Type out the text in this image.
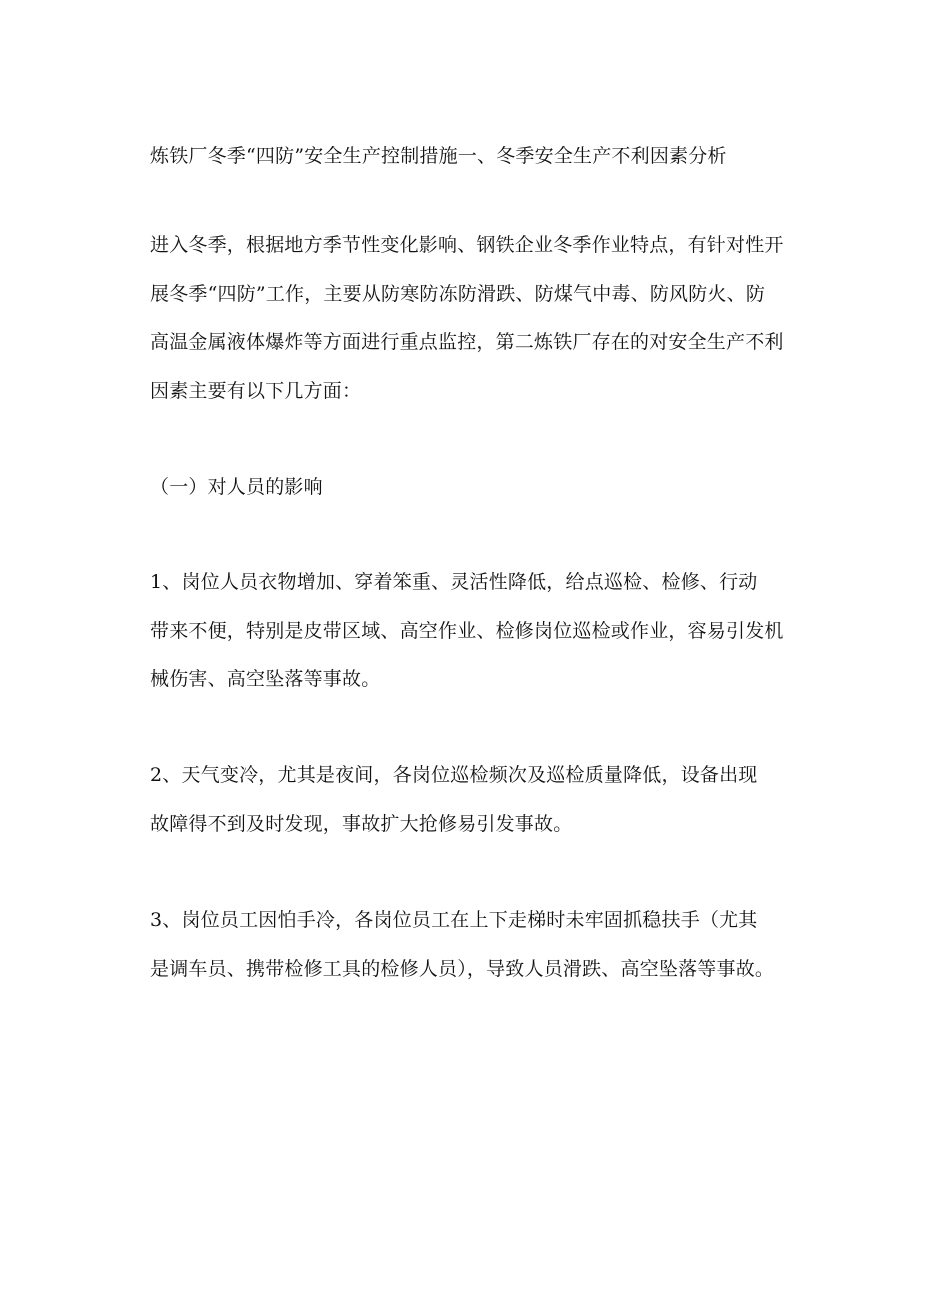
炼铁厂冬季“四防”安全生产控制措施一、冬季安全生产不利因素分析
进入冬季，根据地方季节性变化影响、钢铁企业冬季作业特点，有针对性开
展冬季“四防”工作，主要从防寒防冻防滑跌、防煤气中毒、防风防火、防
高温金属液体爆炸等方面进行重点监控，第二炼铁厂存在的对安全生产不利
因素主要有以下几方面：
（一）对人员的影响
1、岗位人员衣物增加、穿着笨重、灵活性降低，给点巡检、检修、行动
带来不便，特别是皮带区域、高空作业、检修岗位巡检或作业，容易引发机
械伤害、高空坠落等事故。
2、天气变冷，尤其是夜间，各岗位巡检频次及巡检质量降低，设备出现
故障得不到及时发现，事故扩大抢修易引发事故。
3、岗位员工因怕手冷，各岗位员工在上下走梯时未牢固抓稳扶手（尤其
是调车员、携带检修工具的检修人员），导致人员滑跌、高空坠落等事故。
